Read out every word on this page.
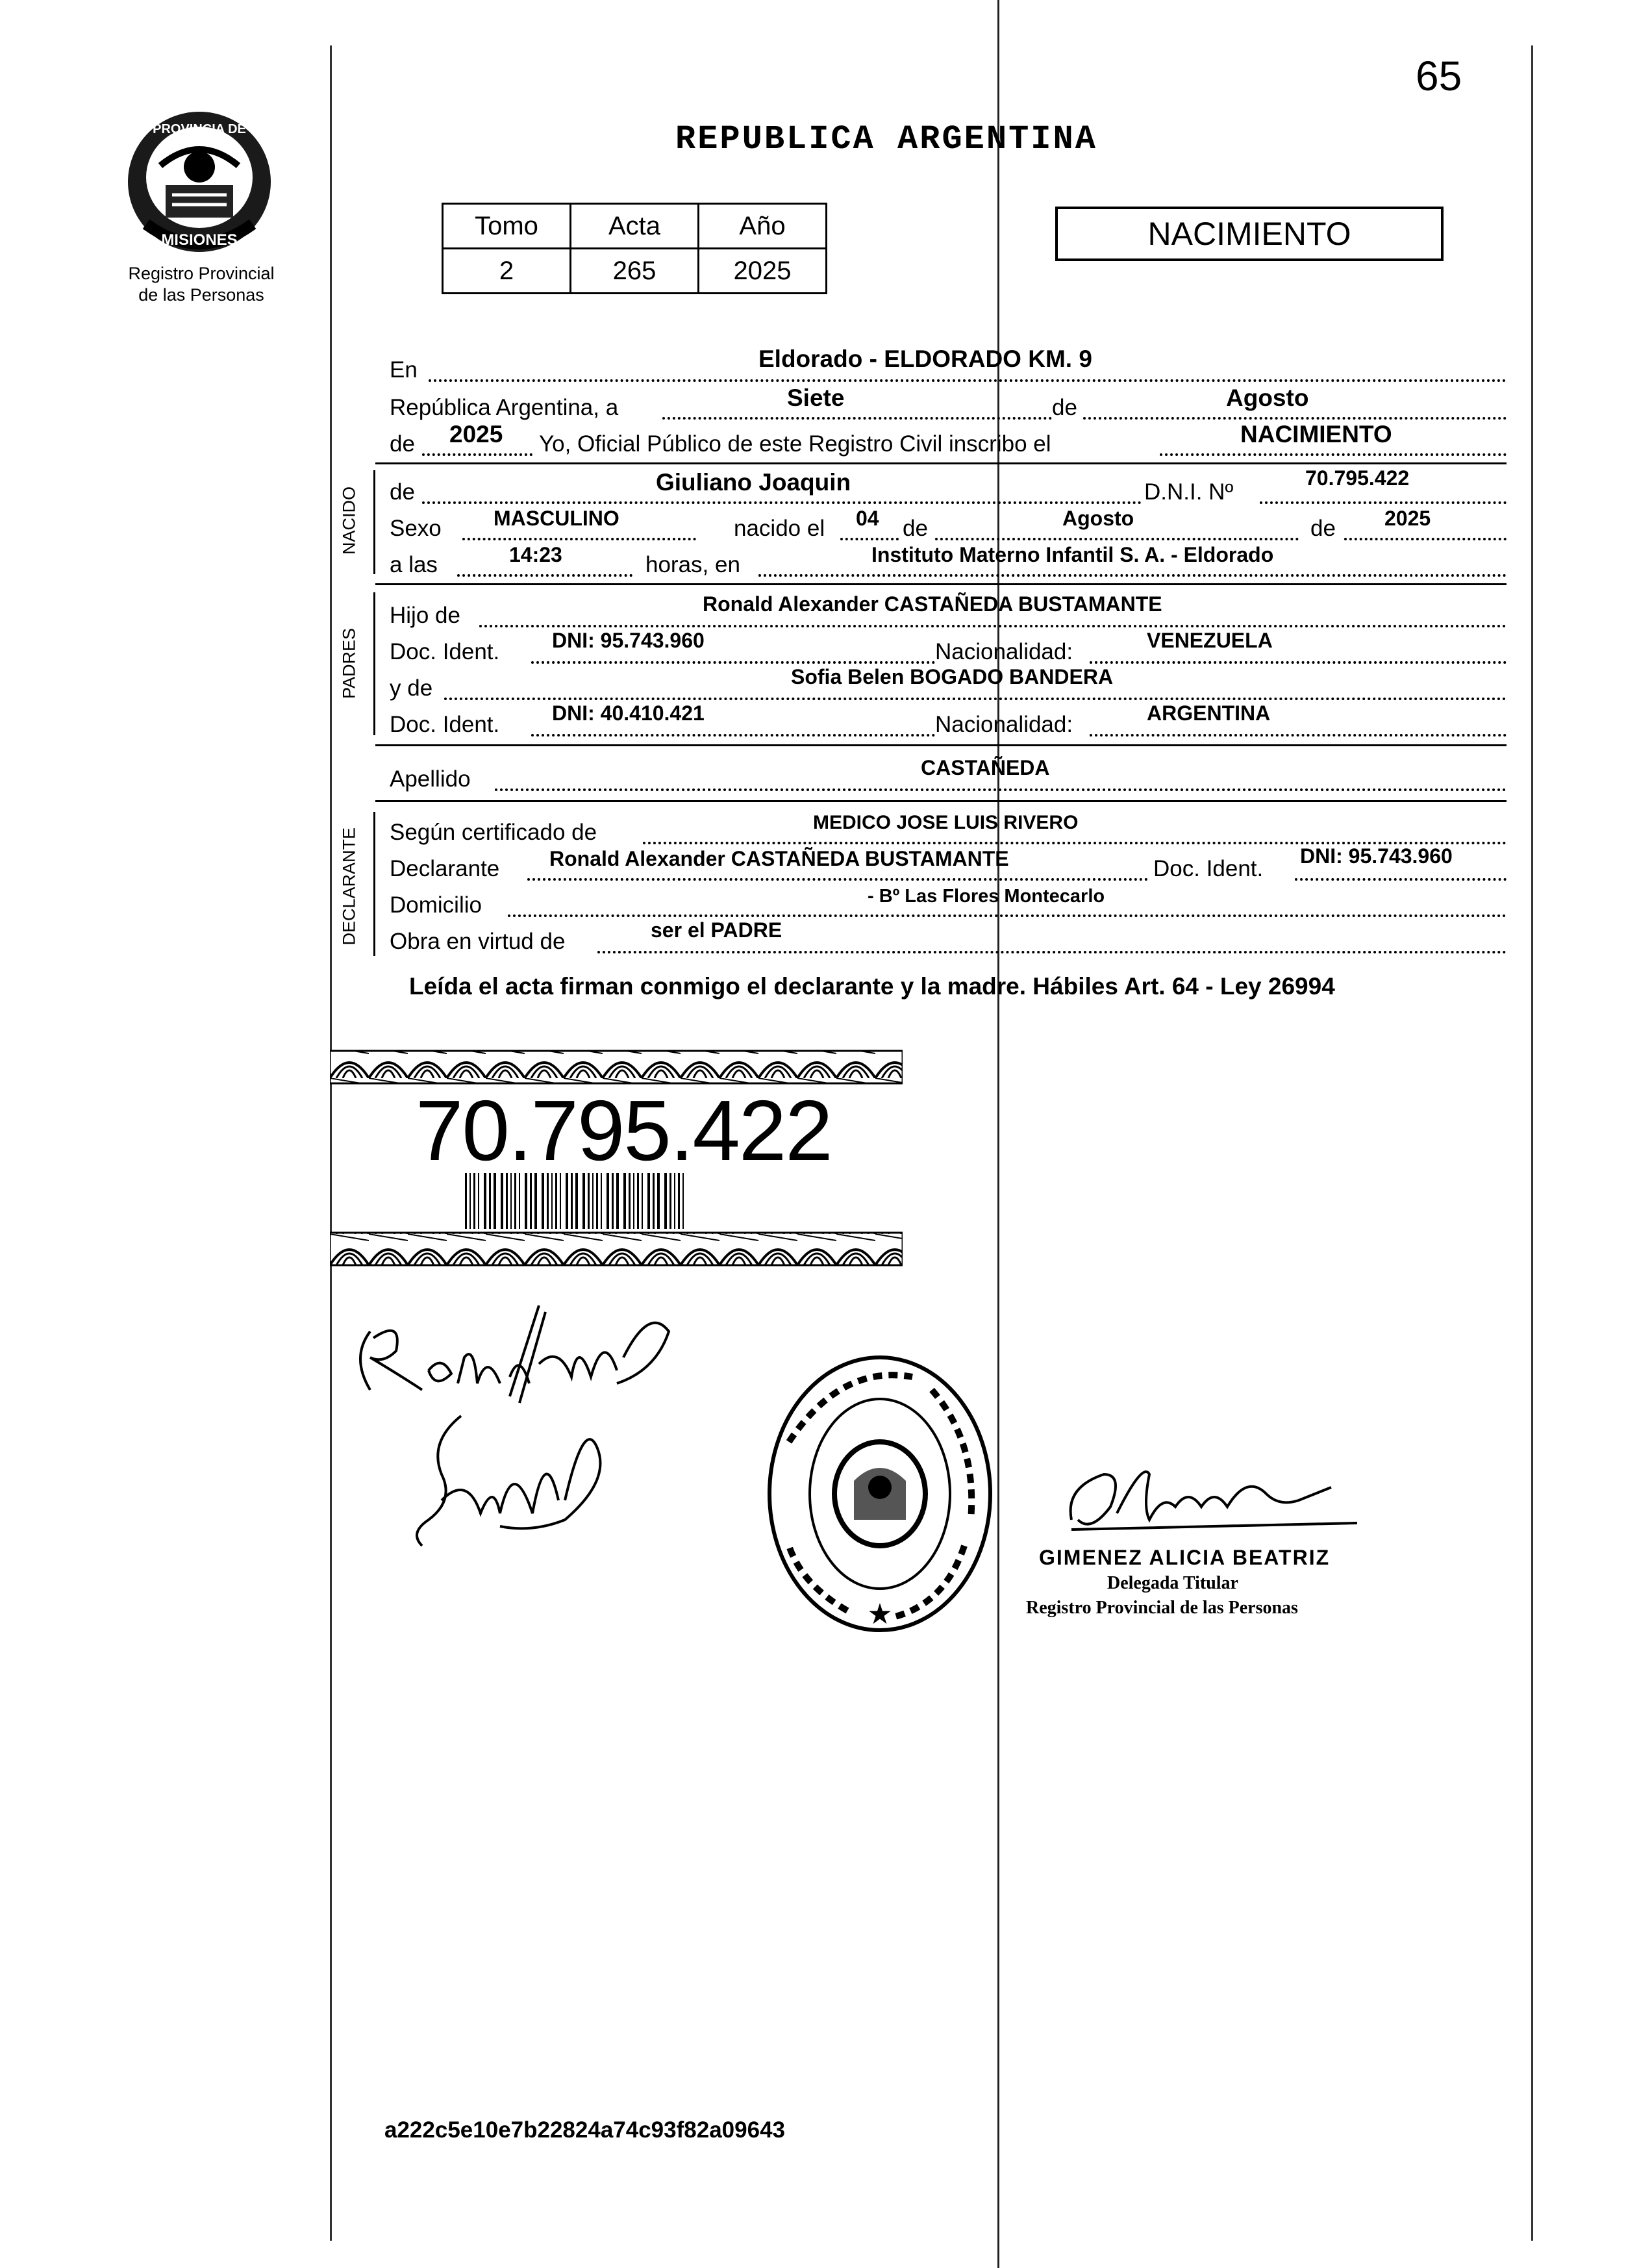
65
PROVINCIA DE
MISIONES
Registro Provincial
de las Personas
REPUBLICA ARGENTINA
Tomo	Acta	Año
2	265	2025
NACIMIENTO
En	Eldorado - ELDORADO KM. 9
República Argentina, a	Siete	de	Agosto
de 2025 Yo, Oficial Público de este Registro Civil inscribo el	NACIMIENTO
NACIDO de	Giuliano Joaquin	D.N.I. Nº
70.795.422
Sexo	MASCULINO	nacido el 04 de	Agosto	de 2025
a las	14:23	horas, en	Instituto Materno Infantil S. A. - Eldorado
PADRES
Hijo de	Ronald Alexander CASTAÑEDA BUSTAMANTE
Doc. Ident.	DNI: 95.743.960	Nacionalidad:	VENEZUELA
y de	Sofia Belen BOGADO BANDERA
Doc. Ident.	DNI: 40.410.421	Nacionalidad:	ARGENTINA
Apellido	CASTAÑEDA
DECLARANTE Según certificado de	MEDICO JOSE LUIS RIVERO
Declarante Ronald Alexander CASTAÑEDA BUSTAMANTE	Doc. Ident. DNI: 95.743.960
Domicilio	- Bº Las Flores Montecarlo
Obra en virtud de	ser el PADRE
Leída el acta firman conmigo el declarante y la madre. Hábiles Art. 64 - Ley 26994
70.795.422
★
GIMENEZ ALICIA BEATRIZ
Delegada Titular
Registro Provincial de las Personas
a222c5e10e7b22824a74c93f82a09643
